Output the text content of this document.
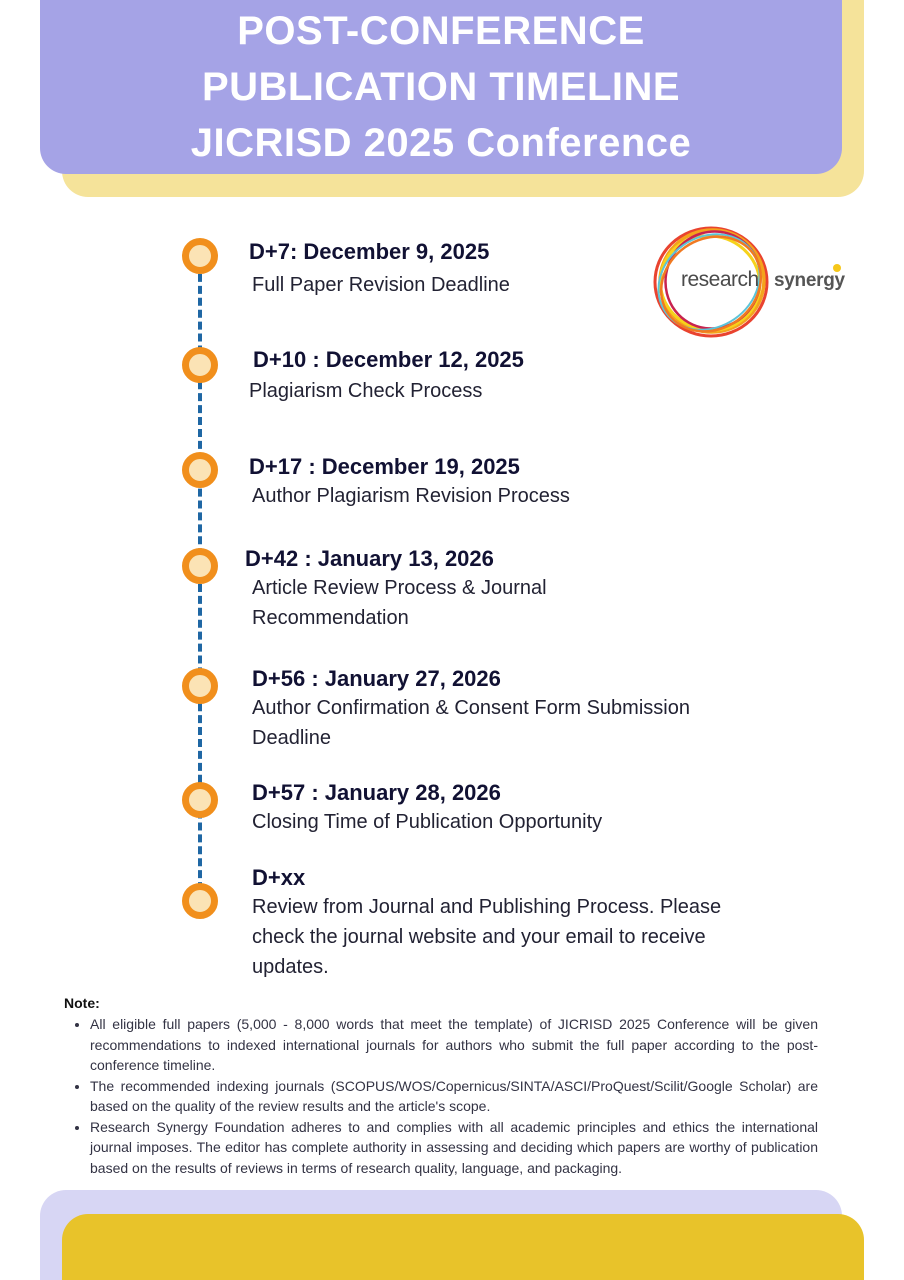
POST-CONFERENCE
PUBLICATION TIMELINE
JICRISD 2025 Conference
research synergy
D+7: December 9, 2025
Full Paper Revision Deadline
D+10 : December 12, 2025
Plagiarism Check Process
D+17 : December 19, 2025
Author Plagiarism Revision Process
D+42 : January 13, 2026
Article Review Process & Journal Recommendation
D+56 : January 27, 2026
Author Confirmation & Consent Form Submission Deadline
D+57 : January 28, 2026
Closing Time of Publication Opportunity
D+xx
Review from Journal and Publishing Process. Please check the journal website and your email to receive updates.
Note:
• All eligible full papers (5,000 - 8,000 words that meet the template) of JICRISD 2025 Conference will be given recommendations to indexed international journals for authors who submit the full paper according to the post-conference timeline.
• The recommended indexing journals (SCOPUS/WOS/Copernicus/SINTA/ASCI/ProQuest/Scilit/Google Scholar) are based on the quality of the review results and the article's scope.
• Research Synergy Foundation adheres to and complies with all academic principles and ethics the international journal imposes. The editor has complete authority in assessing and deciding which papers are worthy of publication based on the results of reviews in terms of research quality, language, and packaging.
